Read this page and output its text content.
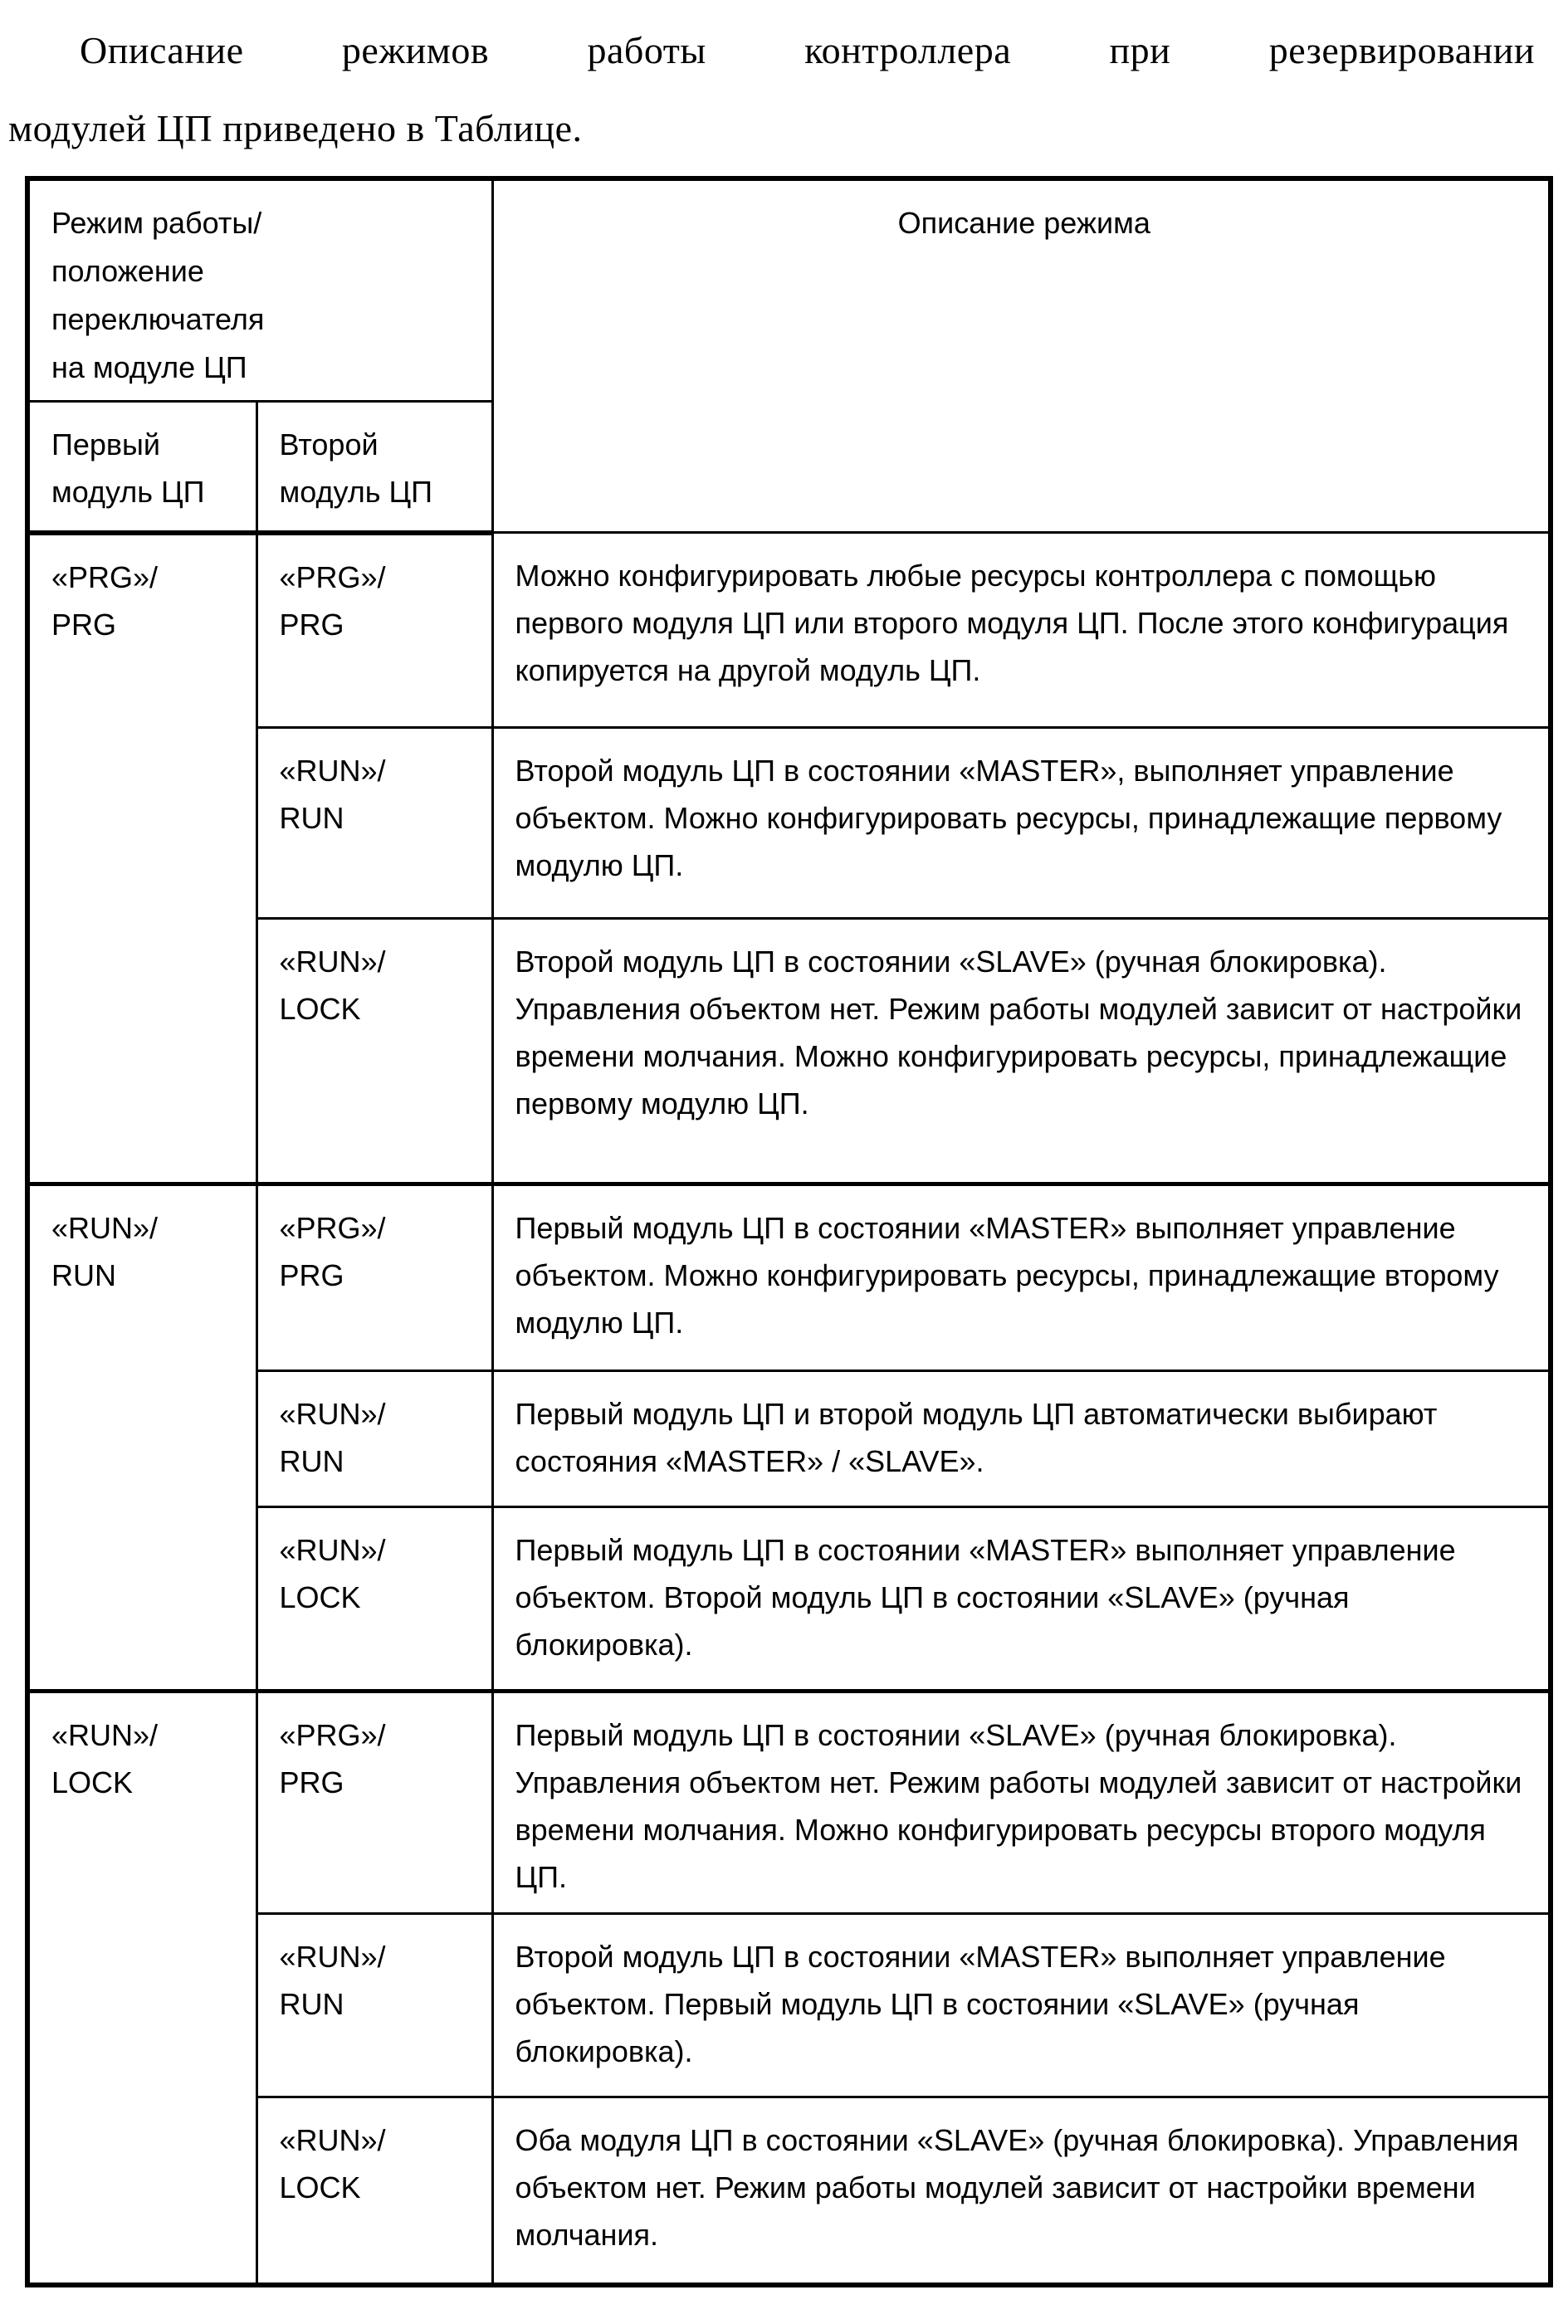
Описание режимов работы контроллера при резервировании
модулей ЦП приведено в Таблице.
Режим работы/
положение
переключателя
на модуле ЦП		Описание режима
Первый
модуль ЦП	Второй
модуль ЦП	
«PRG»/
PRG	«PRG»/
PRG	Можно конфигурировать любые ресурсы контроллера с помощью первого модуля ЦП или второго модуля ЦП. После этого конфигурация копируется на другой модуль ЦП.
	«RUN»/
RUN	Второй модуль ЦП в состоянии «MASTER», выполняет управление объектом. Можно конфигурировать ресурсы, принадлежащие первому модулю ЦП.
	«RUN»/
LOCK	Второй модуль ЦП в состоянии «SLAVE» (ручная блокировка). Управления объектом нет. Режим работы модулей зависит от настройки времени молчания. Можно конфигурировать ресурсы, принадлежащие первому модулю ЦП.
«RUN»/
RUN	«PRG»/
PRG	Первый модуль ЦП в состоянии «MASTER» выполняет управление объектом. Можно конфигурировать ресурсы, принадлежащие второму модулю ЦП.
	«RUN»/
RUN	Первый модуль ЦП и второй модуль ЦП автоматически выбирают состояния «MASTER» / «SLAVE».
	«RUN»/
LOCK	Первый модуль ЦП в состоянии «MASTER» выполняет управление объектом. Второй модуль ЦП в состоянии «SLAVE» (ручная блокировка).
«RUN»/
LOCK	«PRG»/
PRG	Первый модуль ЦП в состоянии «SLAVE» (ручная блокировка). Управления объектом нет. Режим работы модулей зависит от настройки времени молчания. Можно конфигурировать ресурсы второго модуля ЦП.
	«RUN»/
RUN	Второй модуль ЦП в состоянии «MASTER» выполняет управление объектом. Первый модуль ЦП в состоянии «SLAVE» (ручная блокировка).
	«RUN»/
LOCK	Оба модуля ЦП в состоянии «SLAVE» (ручная блокировка). Управления объектом нет. Режим работы модулей зависит от настройки времени молчания.
